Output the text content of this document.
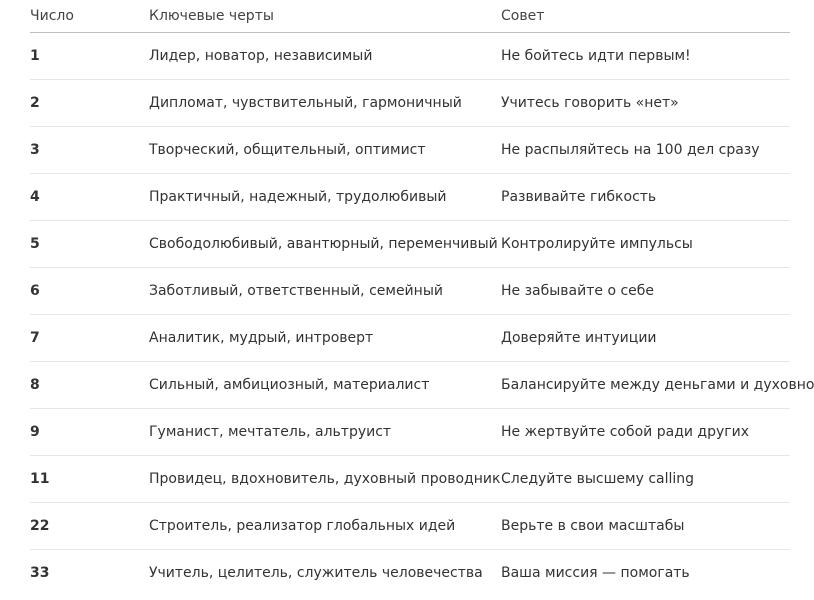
Число	Ключевые черты	Совет
1	Лидер, новатор, независимый	Не бойтесь идти первым!
2	Дипломат, чувствительный, гармоничный	Учитесь говорить «нет»
3	Творческий, общительный, оптимист	Не распыляйтесь на 100 дел сразу
4	Практичный, надежный, трудолюбивый	Развивайте гибкость
5	Свободолюбивый, авантюрный, переменчивый	Контролируйте импульсы
6	Заботливый, ответственный, семейный	Не забывайте о себе
7	Аналитик, мудрый, интроверт	Доверяйте интуиции
8	Сильный, амбициозный, материалист	Балансируйте между деньгами и духовно
9	Гуманист, мечтатель, альтруист	Не жертвуйте собой ради других
11	Провидец, вдохновитель, духовный проводник	Следуйте высшему calling
22	Строитель, реализатор глобальных идей	Верьте в свои масштабы
33	Учитель, целитель, служитель человечества	Ваша миссия — помогать
